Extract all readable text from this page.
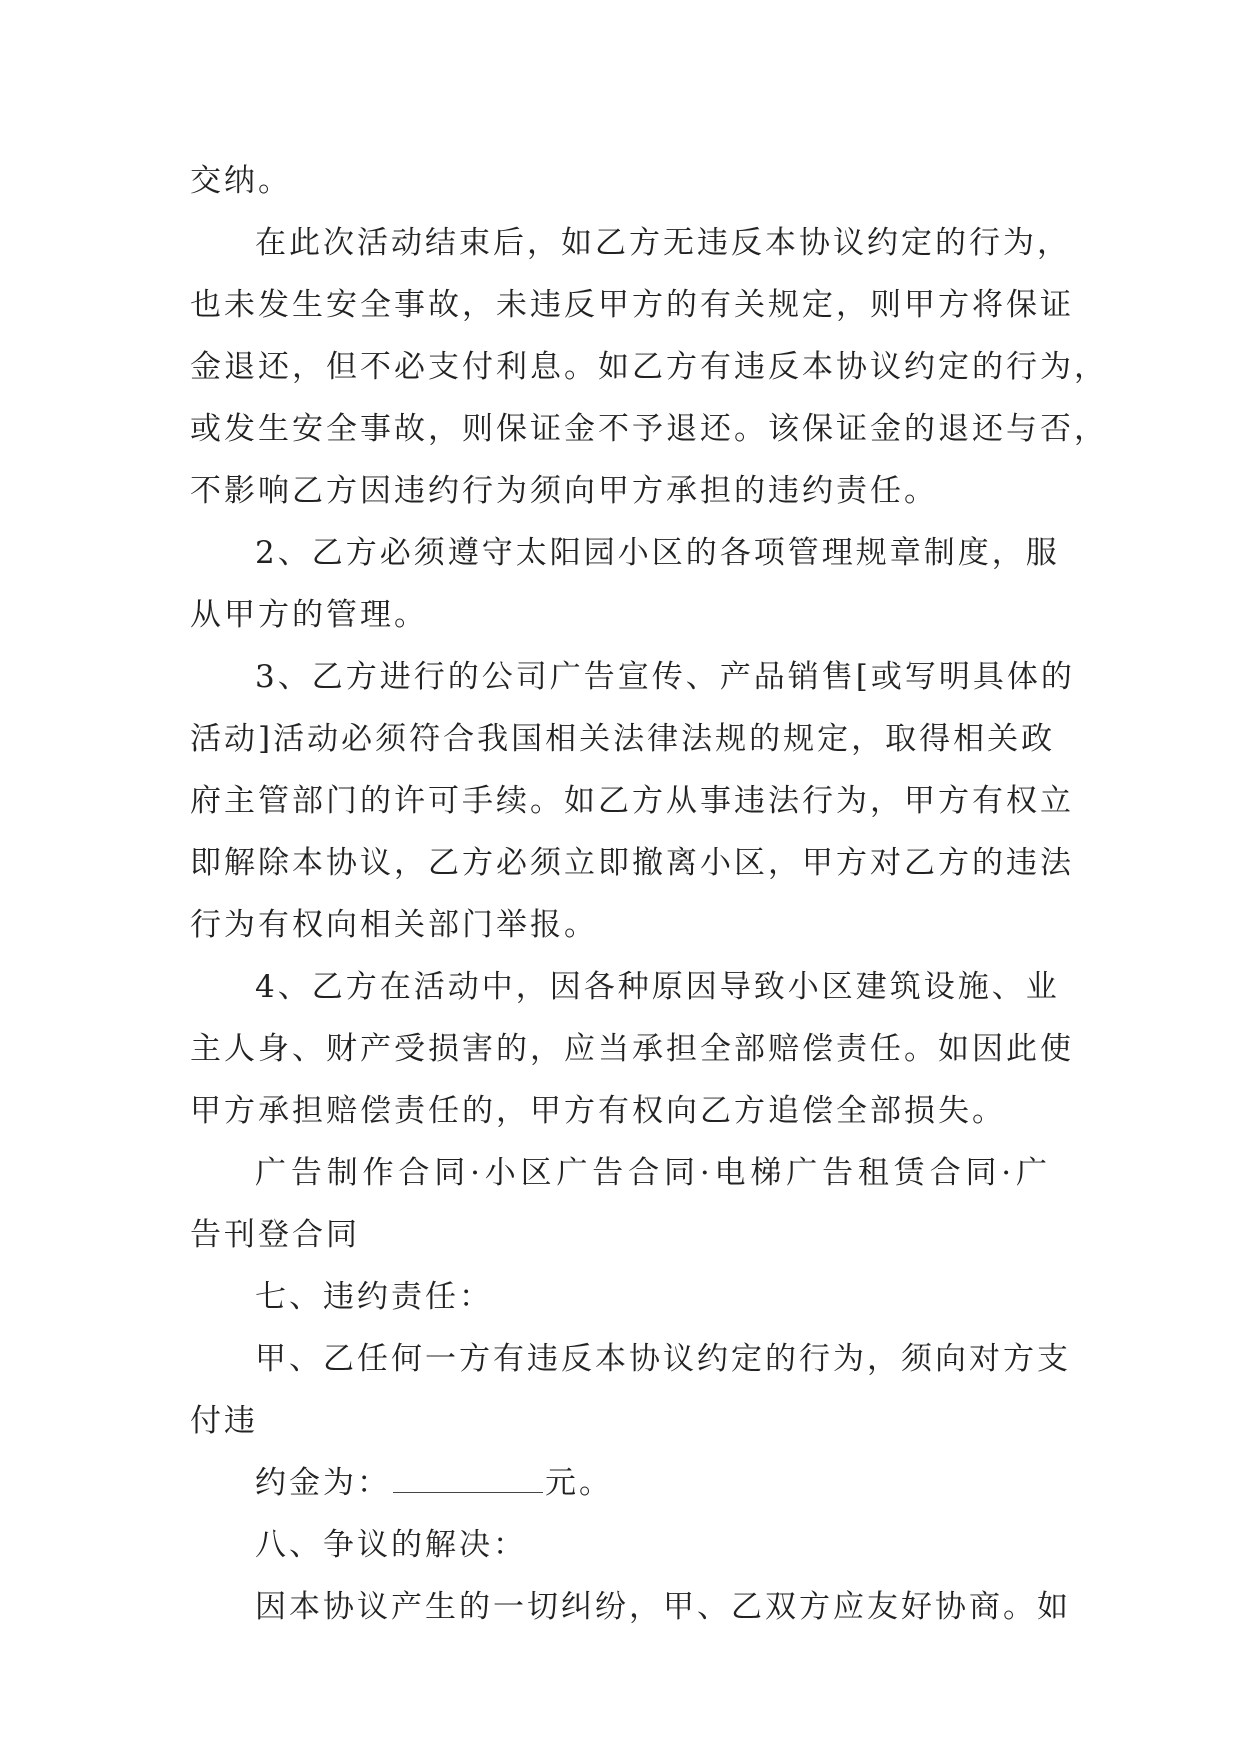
交纳。
在此次活动结束后，如乙方无违反本协议约定的行为，
也未发生安全事故，未违反甲方的有关规定，则甲方将保证
金退还，但不必支付利息。如乙方有违反本协议约定的行为，
或发生安全事故，则保证金不予退还。该保证金的退还与否，
不影响乙方因违约行为须向甲方承担的违约责任。
2、乙方必须遵守太阳园小区的各项管理规章制度，服
从甲方的管理。
3、乙方进行的公司广告宣传、产品销售[或写明具体的
活动]活动必须符合我国相关法律法规的规定，取得相关政
府主管部门的许可手续。如乙方从事违法行为，甲方有权立
即解除本协议，乙方必须立即撤离小区，甲方对乙方的违法
行为有权向相关部门举报。
4、乙方在活动中，因各种原因导致小区建筑设施、业
主人身、财产受损害的，应当承担全部赔偿责任。如因此使
甲方承担赔偿责任的，甲方有权向乙方追偿全部损失。
广告制作合同·小区广告合同·电梯广告租赁合同·广
告刊登合同
七、违约责任：
甲、乙任何一方有违反本协议约定的行为，须向对方支
付违
约金为：	元。
八、争议的解决：
因本协议产生的一切纠纷，甲、乙双方应友好协商。如
